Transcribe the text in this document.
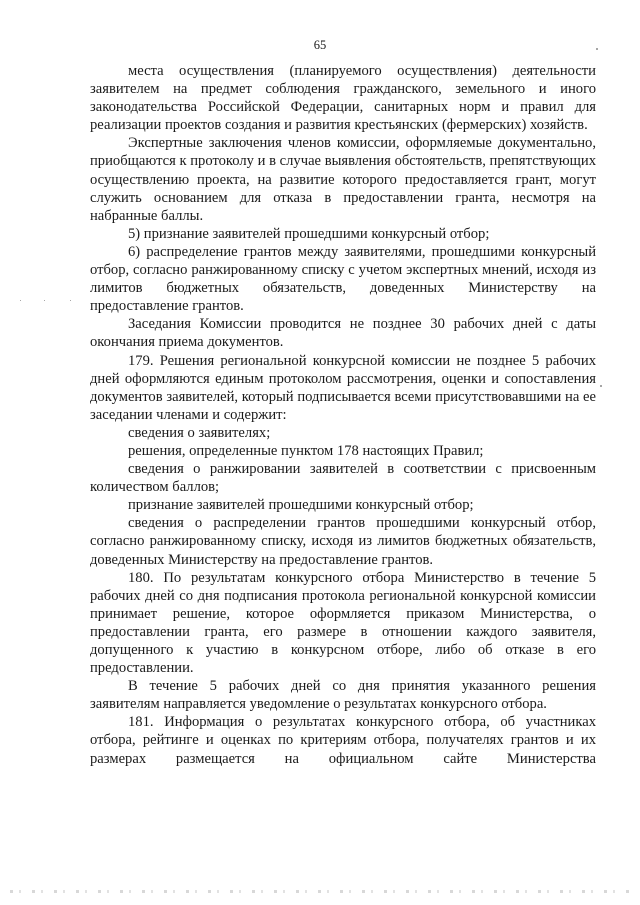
65

места осуществления (планируемого осуществления) деятельности заявителем на предмет соблюдения гражданского, земельного и иного законодательства Российской Федерации, санитарных норм и правил для реализации проектов создания и развития крестьянских (фермерских) хозяйств.

Экспертные заключения членов комиссии, оформляемые документально, приобщаются к протоколу и в случае выявления обстоятельств, препятствующих осуществлению проекта, на развитие которого предоставляется грант, могут служить основанием для отказа в предоставлении гранта, несмотря на набранные баллы.

5) признание заявителей прошедшими конкурсный отбор;

6) распределение грантов между заявителями, прошедшими конкурсный отбор, согласно ранжированному списку с учетом экспертных мнений, исходя из лимитов бюджетных обязательств, доведенных Министерству на предоставление грантов.

Заседания Комиссии проводится не позднее 30 рабочих дней с даты окончания приема документов.

179. Решения региональной конкурсной комиссии не позднее 5 рабочих дней оформляются единым протоколом рассмотрения, оценки и сопоставления документов заявителей, который подписывается всеми присутствовавшими на ее заседании членами и содержит:

сведения о заявителях;

решения, определенные пунктом 178 настоящих Правил;

сведения о ранжировании заявителей в соответствии с присвоенным количеством баллов;

признание заявителей прошедшими конкурсный отбор;

сведения о распределении грантов прошедшими конкурсный отбор, согласно ранжированному списку, исходя из лимитов бюджетных обязательств, доведенных Министерству на предоставление грантов.

180. По результатам конкурсного отбора Министерство в течение 5 рабочих дней со дня подписания протокола региональной конкурсной комиссии принимает решение, которое оформляется приказом Министерства, о предоставлении гранта, его размере в отношении каждого заявителя, допущенного к участию в конкурсном отборе, либо об отказе в его предоставлении.

В течение 5 рабочих дней со дня принятия указанного решения заявителям направляется уведомление о результатах конкурсного отбора.

181. Информация о результатах конкурсного отбора, об участниках отбора, рейтинге и оценках по критериям отбора, получателях грантов и их размерах размещается на официальном сайте Министерства
